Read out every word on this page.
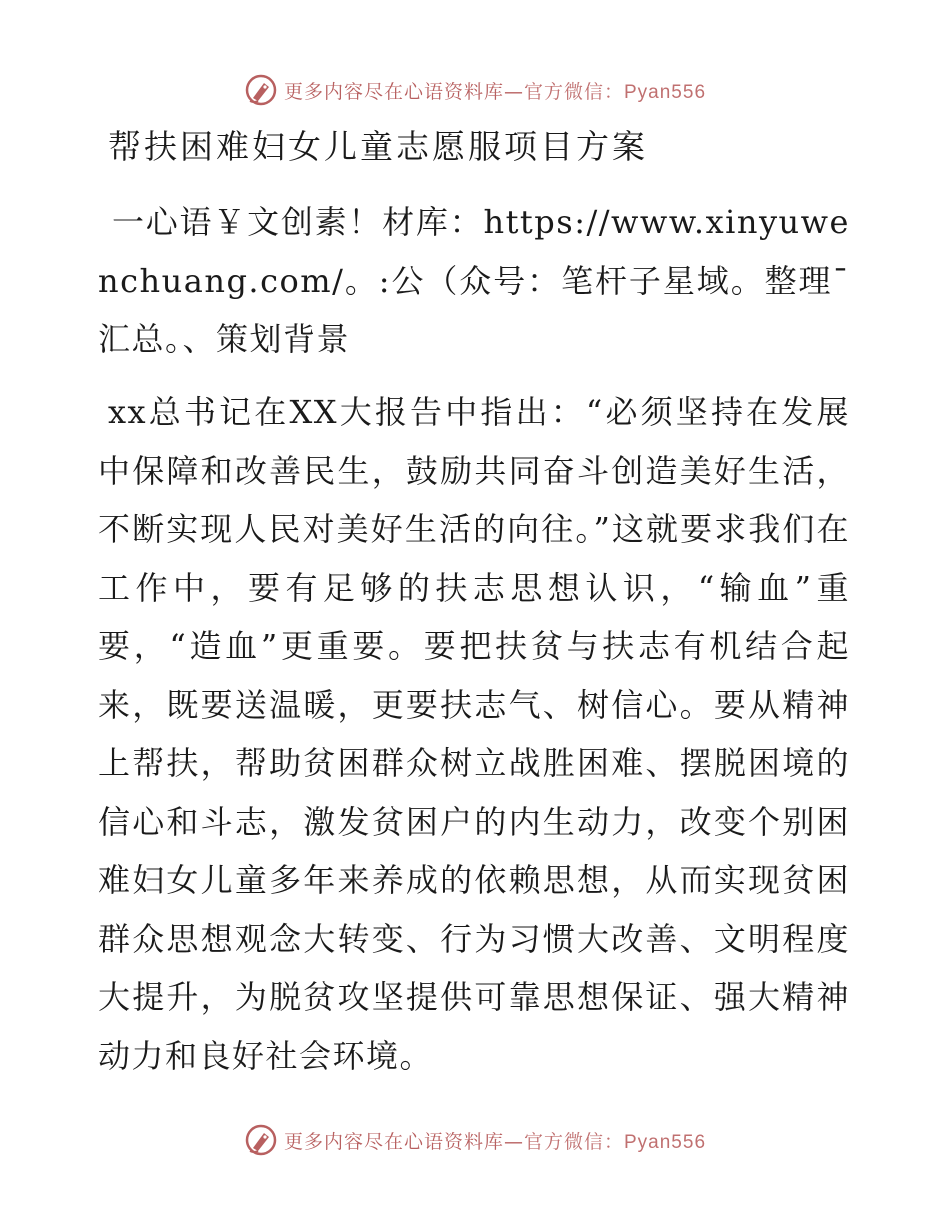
更多内容尽在心语资料库—官方微信：Pyan556
帮扶困难妇女儿童志愿服项目方案
一心语￥文创素！材库：https://www.xinyuwenchuang.com/。:公（众号：笔杆子星域。整理¯汇总。、策划背景
xx总书记在XX大报告中指出：“必须坚持在发展中保障和改善民生，鼓励共同奋斗创造美好生活，不断实现人民对美好生活的向往。”这就要求我们在工作中，要有足够的扶志思想认识，“输血”重要，“造血”更重要。要把扶贫与扶志有机结合起来，既要送温暖，更要扶志气、树信心。要从精神上帮扶，帮助贫困群众树立战胜困难、摆脱困境的信心和斗志，激发贫困户的内生动力，改变个别困难妇女儿童多年来养成的依赖思想，从而实现贫困群众思想观念大转变、行为习惯大改善、文明程度大提升，为脱贫攻坚提供可靠思想保证、强大精神动力和良好社会环境。
更多内容尽在心语资料库—官方微信：Pyan556
